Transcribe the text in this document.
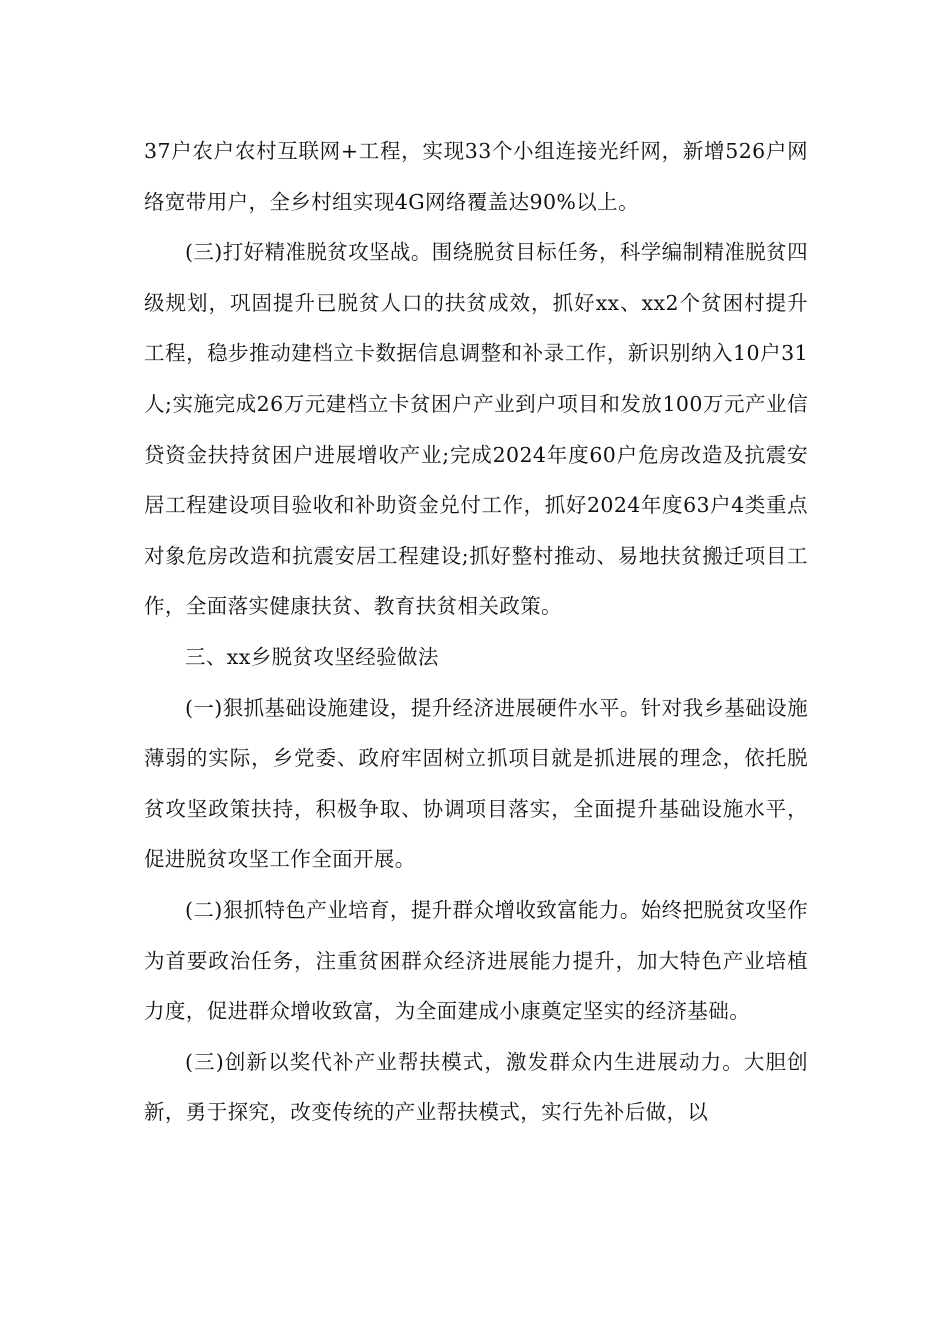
37户农户农村互联网+工程，实现33个小组连接光纤网，新增526户网络宽带用户，全乡村组实现4G网络覆盖达90%以上。

(三)打好精准脱贫攻坚战。围绕脱贫目标任务，科学编制精准脱贫四级规划，巩固提升已脱贫人口的扶贫成效，抓好xx、xx2个贫困村提升工程，稳步推动建档立卡数据信息调整和补录工作，新识别纳入10户31人;实施完成26万元建档立卡贫困户产业到户项目和发放100万元产业信贷资金扶持贫困户进展增收产业;完成2024年度60户危房改造及抗震安居工程建设项目验收和补助资金兑付工作，抓好2024年度63户4类重点对象危房改造和抗震安居工程建设;抓好整村推动、易地扶贫搬迁项目工作，全面落实健康扶贫、教育扶贫相关政策。

三、xx乡脱贫攻坚经验做法

(一)狠抓基础设施建设，提升经济进展硬件水平。针对我乡基础设施薄弱的实际，乡党委、政府牢固树立抓项目就是抓进展的理念，依托脱贫攻坚政策扶持，积极争取、协调项目落实，全面提升基础设施水平，促进脱贫攻坚工作全面开展。

(二)狠抓特色产业培育，提升群众增收致富能力。始终把脱贫攻坚作为首要政治任务，注重贫困群众经济进展能力提升，加大特色产业培植力度，促进群众增收致富，为全面建成小康奠定坚实的经济基础。

(三)创新以奖代补产业帮扶模式，激发群众内生进展动力。大胆创新，勇于探究，改变传统的产业帮扶模式，实行先补后做，以
